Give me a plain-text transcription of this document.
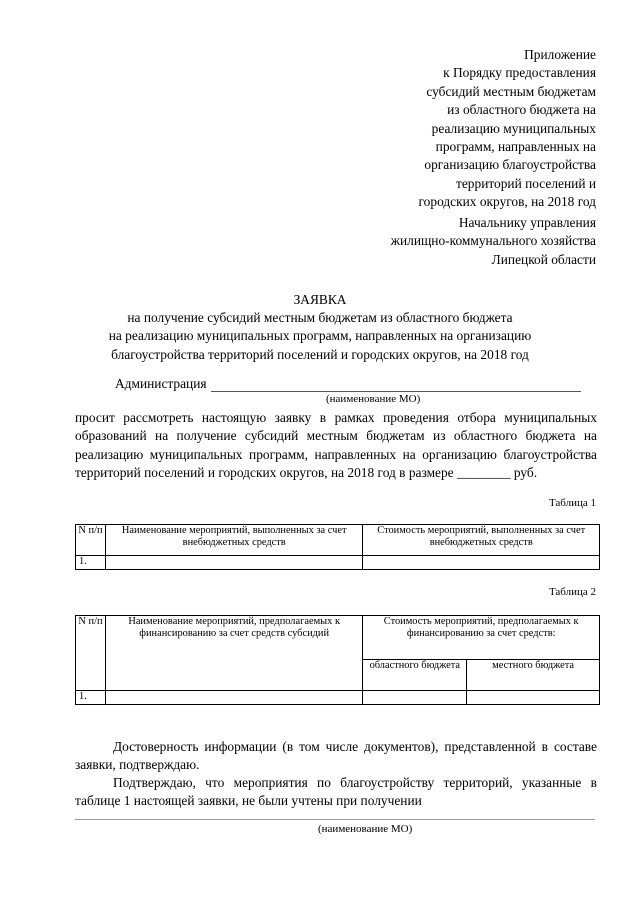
Приложение
к Порядку предоставления
субсидий местным бюджетам
из областного бюджета на
реализацию муниципальных
программ, направленных на
организацию благоустройства
территорий поселений и
городских округов, на 2018 год
Начальнику управления
жилищно-коммунального хозяйства
Липецкой области
ЗАЯВКА
на получение субсидий местным бюджетам из областного бюджета
на реализацию муниципальных программ, направленных на организацию
благоустройства территорий поселений и городских округов, на 2018 год
Администрация
(наименование МО)
просит рассмотреть настоящую заявку в рамках проведения отбора муниципальных образований на получение субсидий местным бюджетам из областного бюджета на реализацию муниципальных программ, направленных на организацию благоустройства территорий поселений и городских округов, на 2018 год в размере ________ руб.
Таблица 1
N п/п	Наименование мероприятий, выполненных за счет внебюджетных средств	Стоимость мероприятий, выполненных за счет внебюджетных средств
1.		
Таблица 2
N п/п	Наименование мероприятий, предполагаемых к финансированию за счет средств субсидий	Стоимость мероприятий, предполагаемых к финансированию за счет средств:	
		областного бюджета	местного бюджета
1.			
Достоверность информации (в том числе документов), представленной в составе заявки, подтверждаю.
Подтверждаю, что мероприятия по благоустройству территорий, указанные в таблице 1 настоящей заявки, не были учтены при получении
(наименование МО)
